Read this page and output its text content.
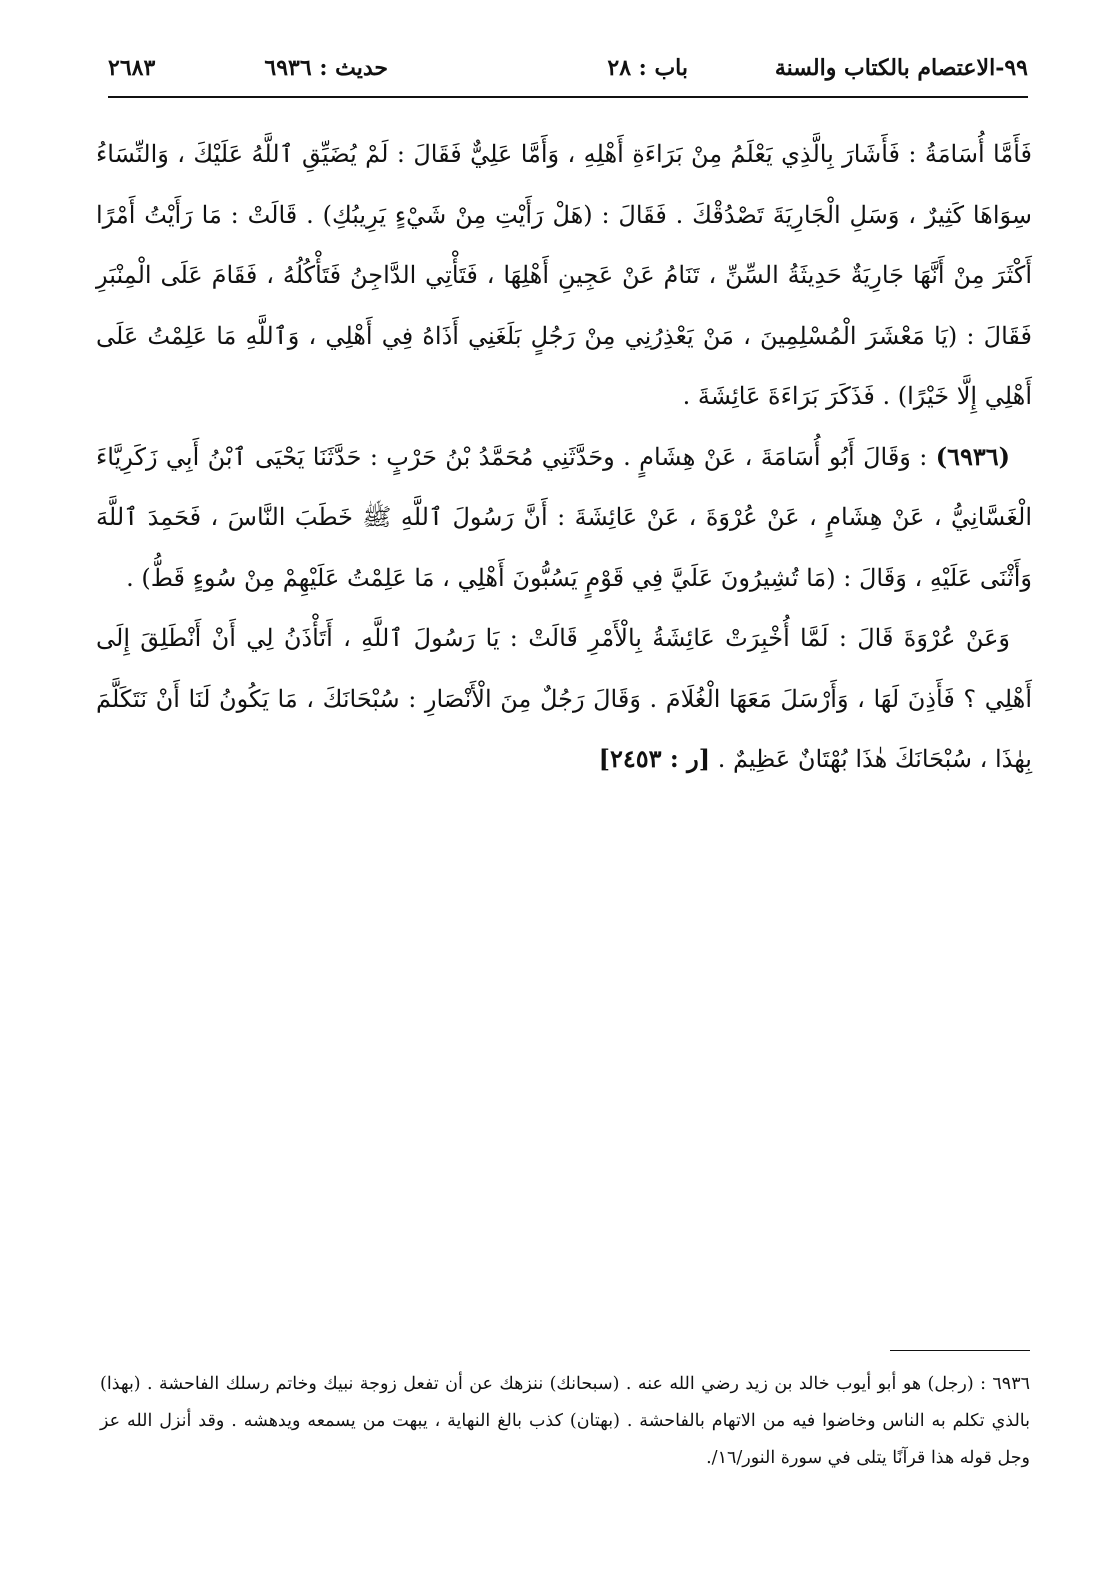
٩٩-الاعتصام بالكتاب والسنة
باب : ٢٨
حديث : ٦٩٣٦
٢٦٨٣

فَأَمَّا أُسَامَةُ : فَأَشَارَ بِالَّذِي يَعْلَمُ مِنْ بَرَاءَةِ أَهْلِهِ ، وَأَمَّا عَلِيٌّ فَقَالَ : لَمْ يُضَيِّقِ ٱللَّهُ عَلَيْكَ ، وَالنِّسَاءُ سِوَاهَا كَثِيرٌ ، وَسَلِ الْجَارِيَةَ تَصْدُقْكَ . فَقَالَ : (هَلْ رَأَيْتِ مِنْ شَيْءٍ يَرِيبُكِ) . قَالَتْ : مَا رَأَيْتُ أَمْرًا أَكْثَرَ مِنْ أَنَّهَا جَارِيَةٌ حَدِيثَةُ السِّنِّ ، تَنَامُ عَنْ عَجِينِ أَهْلِهَا ، فَتَأْتِي الدَّاجِنُ فَتَأْكُلُهُ ، فَقَامَ عَلَى الْمِنْبَرِ فَقَالَ : (يَا مَعْشَرَ الْمُسْلِمِينَ ، مَنْ يَعْذِرُنِي مِنْ رَجُلٍ بَلَغَنِي أَذَاهُ فِي أَهْلِي ، وَٱللَّهِ مَا عَلِمْتُ عَلَى أَهْلِي إِلَّا خَيْرًا) . فَذَكَرَ بَرَاءَةَ عَائِشَةَ .

(٦٩٣٦) : وَقَالَ أَبُو أُسَامَةَ ، عَنْ هِشَامٍ . وحَدَّثَنِي مُحَمَّدُ بْنُ حَرْبٍ : حَدَّثَنَا يَحْيَى ٱبْنُ أَبِي زَكَرِيَّاءَ الْغَسَّانِيُّ ، عَنْ هِشَامٍ ، عَنْ عُرْوَةَ ، عَنْ عَائِشَةَ : أَنَّ رَسُولَ ٱللَّهِ ﷺ خَطَبَ النَّاسَ ، فَحَمِدَ ٱللَّهَ وَأَثْنَى عَلَيْهِ ، وَقَالَ : (مَا تُشِيرُونَ عَلَيَّ فِي قَوْمٍ يَسُبُّونَ أَهْلِي ، مَا عَلِمْتُ عَلَيْهِمْ مِنْ سُوءٍ قَطُّ) .

وَعَنْ عُرْوَةَ قَالَ : لَمَّا أُخْبِرَتْ عَائِشَةُ بِالْأَمْرِ قَالَتْ : يَا رَسُولَ ٱللَّهِ ، أَتَأْذَنُ لِي أَنْ أَنْطَلِقَ إِلَى أَهْلِي ؟ فَأَذِنَ لَهَا ، وَأَرْسَلَ مَعَهَا الْغُلَامَ . وَقَالَ رَجُلٌ مِنَ الْأَنْصَارِ : سُبْحَانَكَ ، مَا يَكُونُ لَنَا أَنْ نَتَكَلَّمَ بِهٰذَا ، سُبْحَانَكَ هٰذَا بُهْتَانٌ عَظِيمٌ . [ر : ٢٤٥٣]

٦٩٣٦ : (رجل) هو أبو أيوب خالد بن زيد رضي الله عنه . (سبحانك) ننزهك عن أن تفعل زوجة نبيك وخاتم رسلك الفاحشة . (بهذا) بالذي تكلم به الناس وخاضوا فيه من الاتهام بالفاحشة . (بهتان) كذب بالغ النهاية ، يبهت من يسمعه ويدهشه . وقد أنزل الله عز وجل قوله هذا قرآنًا يتلى في سورة النور/١٦/.
